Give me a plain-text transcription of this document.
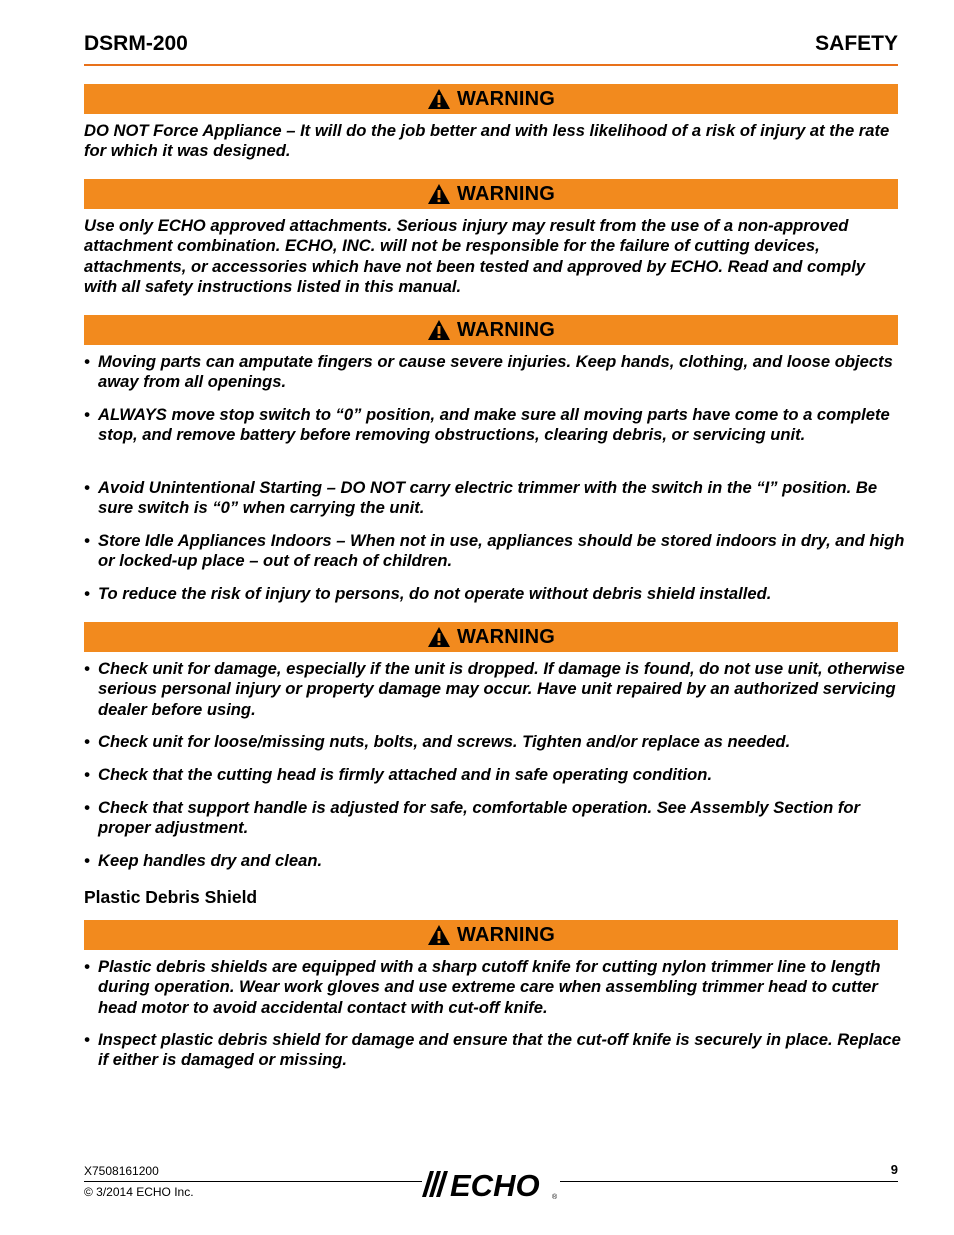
DSRM-200	SAFETY
WARNING

DO NOT Force Appliance – It will do the job better and with less likelihood of a risk of injury at the rate for which it was designed.

WARNING

Use only ECHO approved attachments. Serious injury may result from the use of a non-approved attachment combination. ECHO, INC. will not be responsible for the failure of cutting devices, attachments, or accessories which have not been tested and approved by ECHO. Read and comply with all safety instructions listed in this manual.

WARNING

• Moving parts can amputate fingers or cause severe injuries. Keep hands, clothing, and loose objects away from all openings.

• ALWAYS move stop switch to “0” position, and make sure all moving parts have come to a complete stop, and remove battery before removing obstructions, clearing debris, or servicing unit.

• Avoid Unintentional Starting – DO NOT carry electric trimmer with the switch in the “I” position. Be sure switch is “0” when carrying the unit.

• Store Idle Appliances Indoors – When not in use, appliances should be stored indoors in dry, and high or locked-up place – out of reach of children.

• To reduce the risk of injury to persons, do not operate without debris shield installed.

WARNING

• Check unit for damage, especially if the unit is dropped. If damage is found, do not use unit, otherwise serious personal injury or property damage may occur. Have unit repaired by an authorized servicing dealer before using.

• Check unit for loose/missing nuts, bolts, and screws. Tighten and/or replace as needed.

• Check that the cutting head is firmly attached and in safe operating condition.

• Check that support handle is adjusted for safe, comfortable operation. See Assembly Section for proper adjustment.

• Keep handles dry and clean.

Plastic Debris Shield
WARNING

• Plastic debris shields are equipped with a sharp cutoff knife for cutting nylon trimmer line to length during operation. Wear work gloves and use extreme care when assembling trimmer head to cutter head motor to avoid accidental contact with cut-off knife.

• Inspect plastic debris shield for damage and ensure that the cut-off knife is securely in place. Replace if either is damaged or missing.

X7508161200
© 3/2014 ECHO Inc.
9
ECHO ®
